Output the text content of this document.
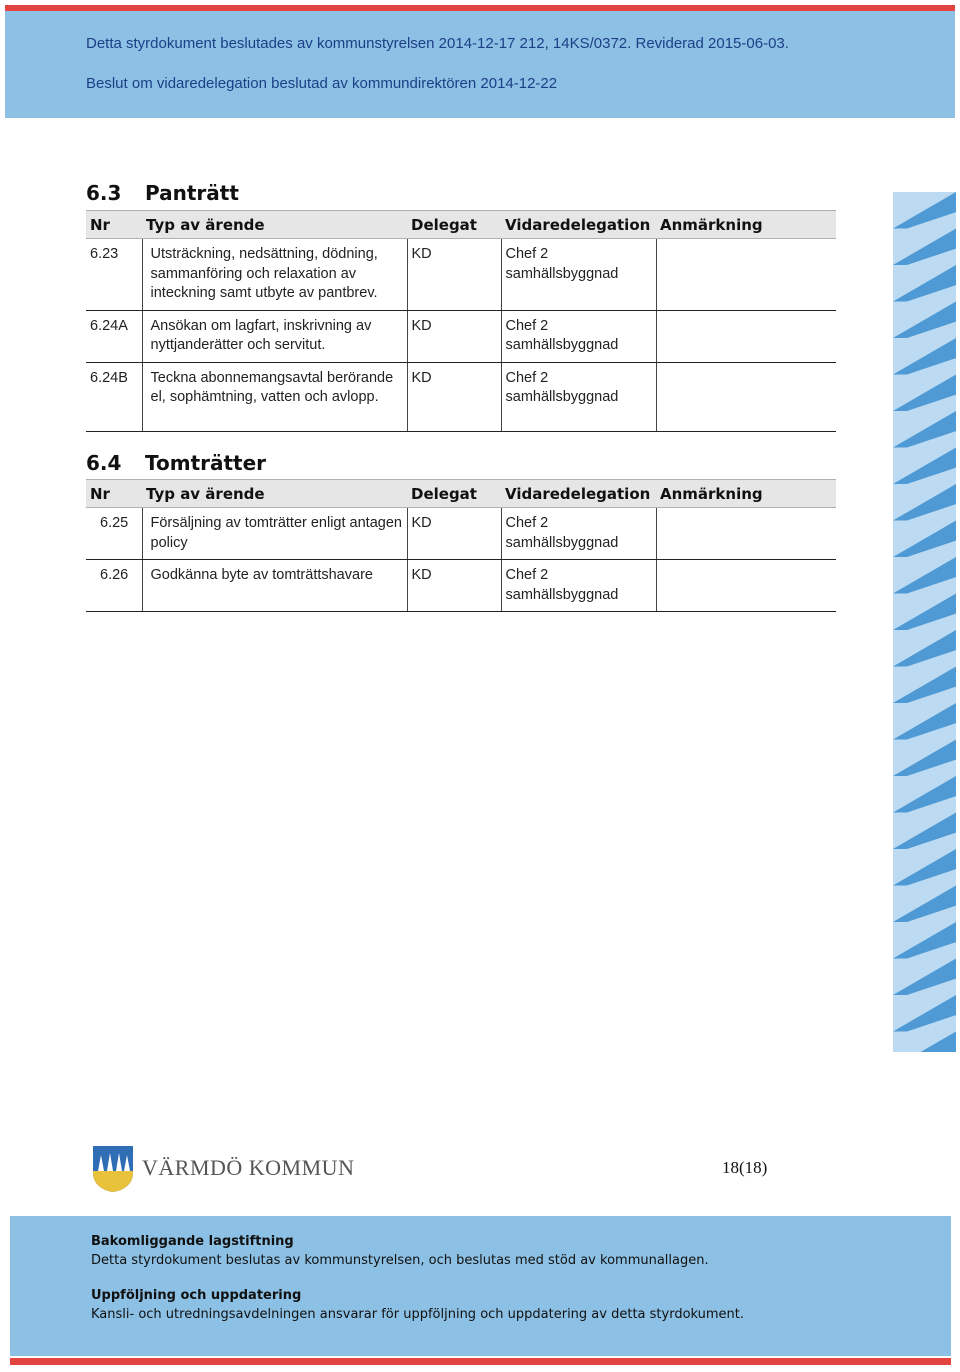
Detta styrdokument beslutades av kommunstyrelsen 2014-12-17 212, 14KS/0372. Reviderad 2015-06-03.
Beslut om vidaredelegation beslutad av kommundirektören 2014-12-22
6.3 Panträtt
Nr	Typ av ärende	Delegat	Vidaredelegation	Anmärkning
6.23	Utsträckning, nedsättning, dödning, sammanföring och relaxation av inteckning samt utbyte av pantbrev.	KD	Chef 2 samhällsbyggnad	
6.24A	Ansökan om lagfart, inskrivning av nyttjanderätter och servitut.	KD	Chef 2 samhällsbyggnad	
6.24B	Teckna abonnemangsavtal berörande el, sophämtning, vatten och avlopp.	KD	Chef 2 samhällsbyggnad	
6.4 Tomträtter
Nr	Typ av ärende	Delegat	Vidaredelegation	Anmärkning
6.25	Försäljning av tomträtter enligt antagen policy	KD	Chef 2 samhällsbyggnad	
6.26	Godkänna byte av tomträttshavare	KD	Chef 2 samhällsbyggnad	
VÄRMDÖ KOMMUN	18(18)
Bakomliggande lagstiftning
Detta styrdokument beslutas av kommunstyrelsen, och beslutas med stöd av kommunallagen.
Uppföljning och uppdatering
Kansli- och utredningsavdelningen ansvarar för uppföljning och uppdatering av detta styrdokument.
